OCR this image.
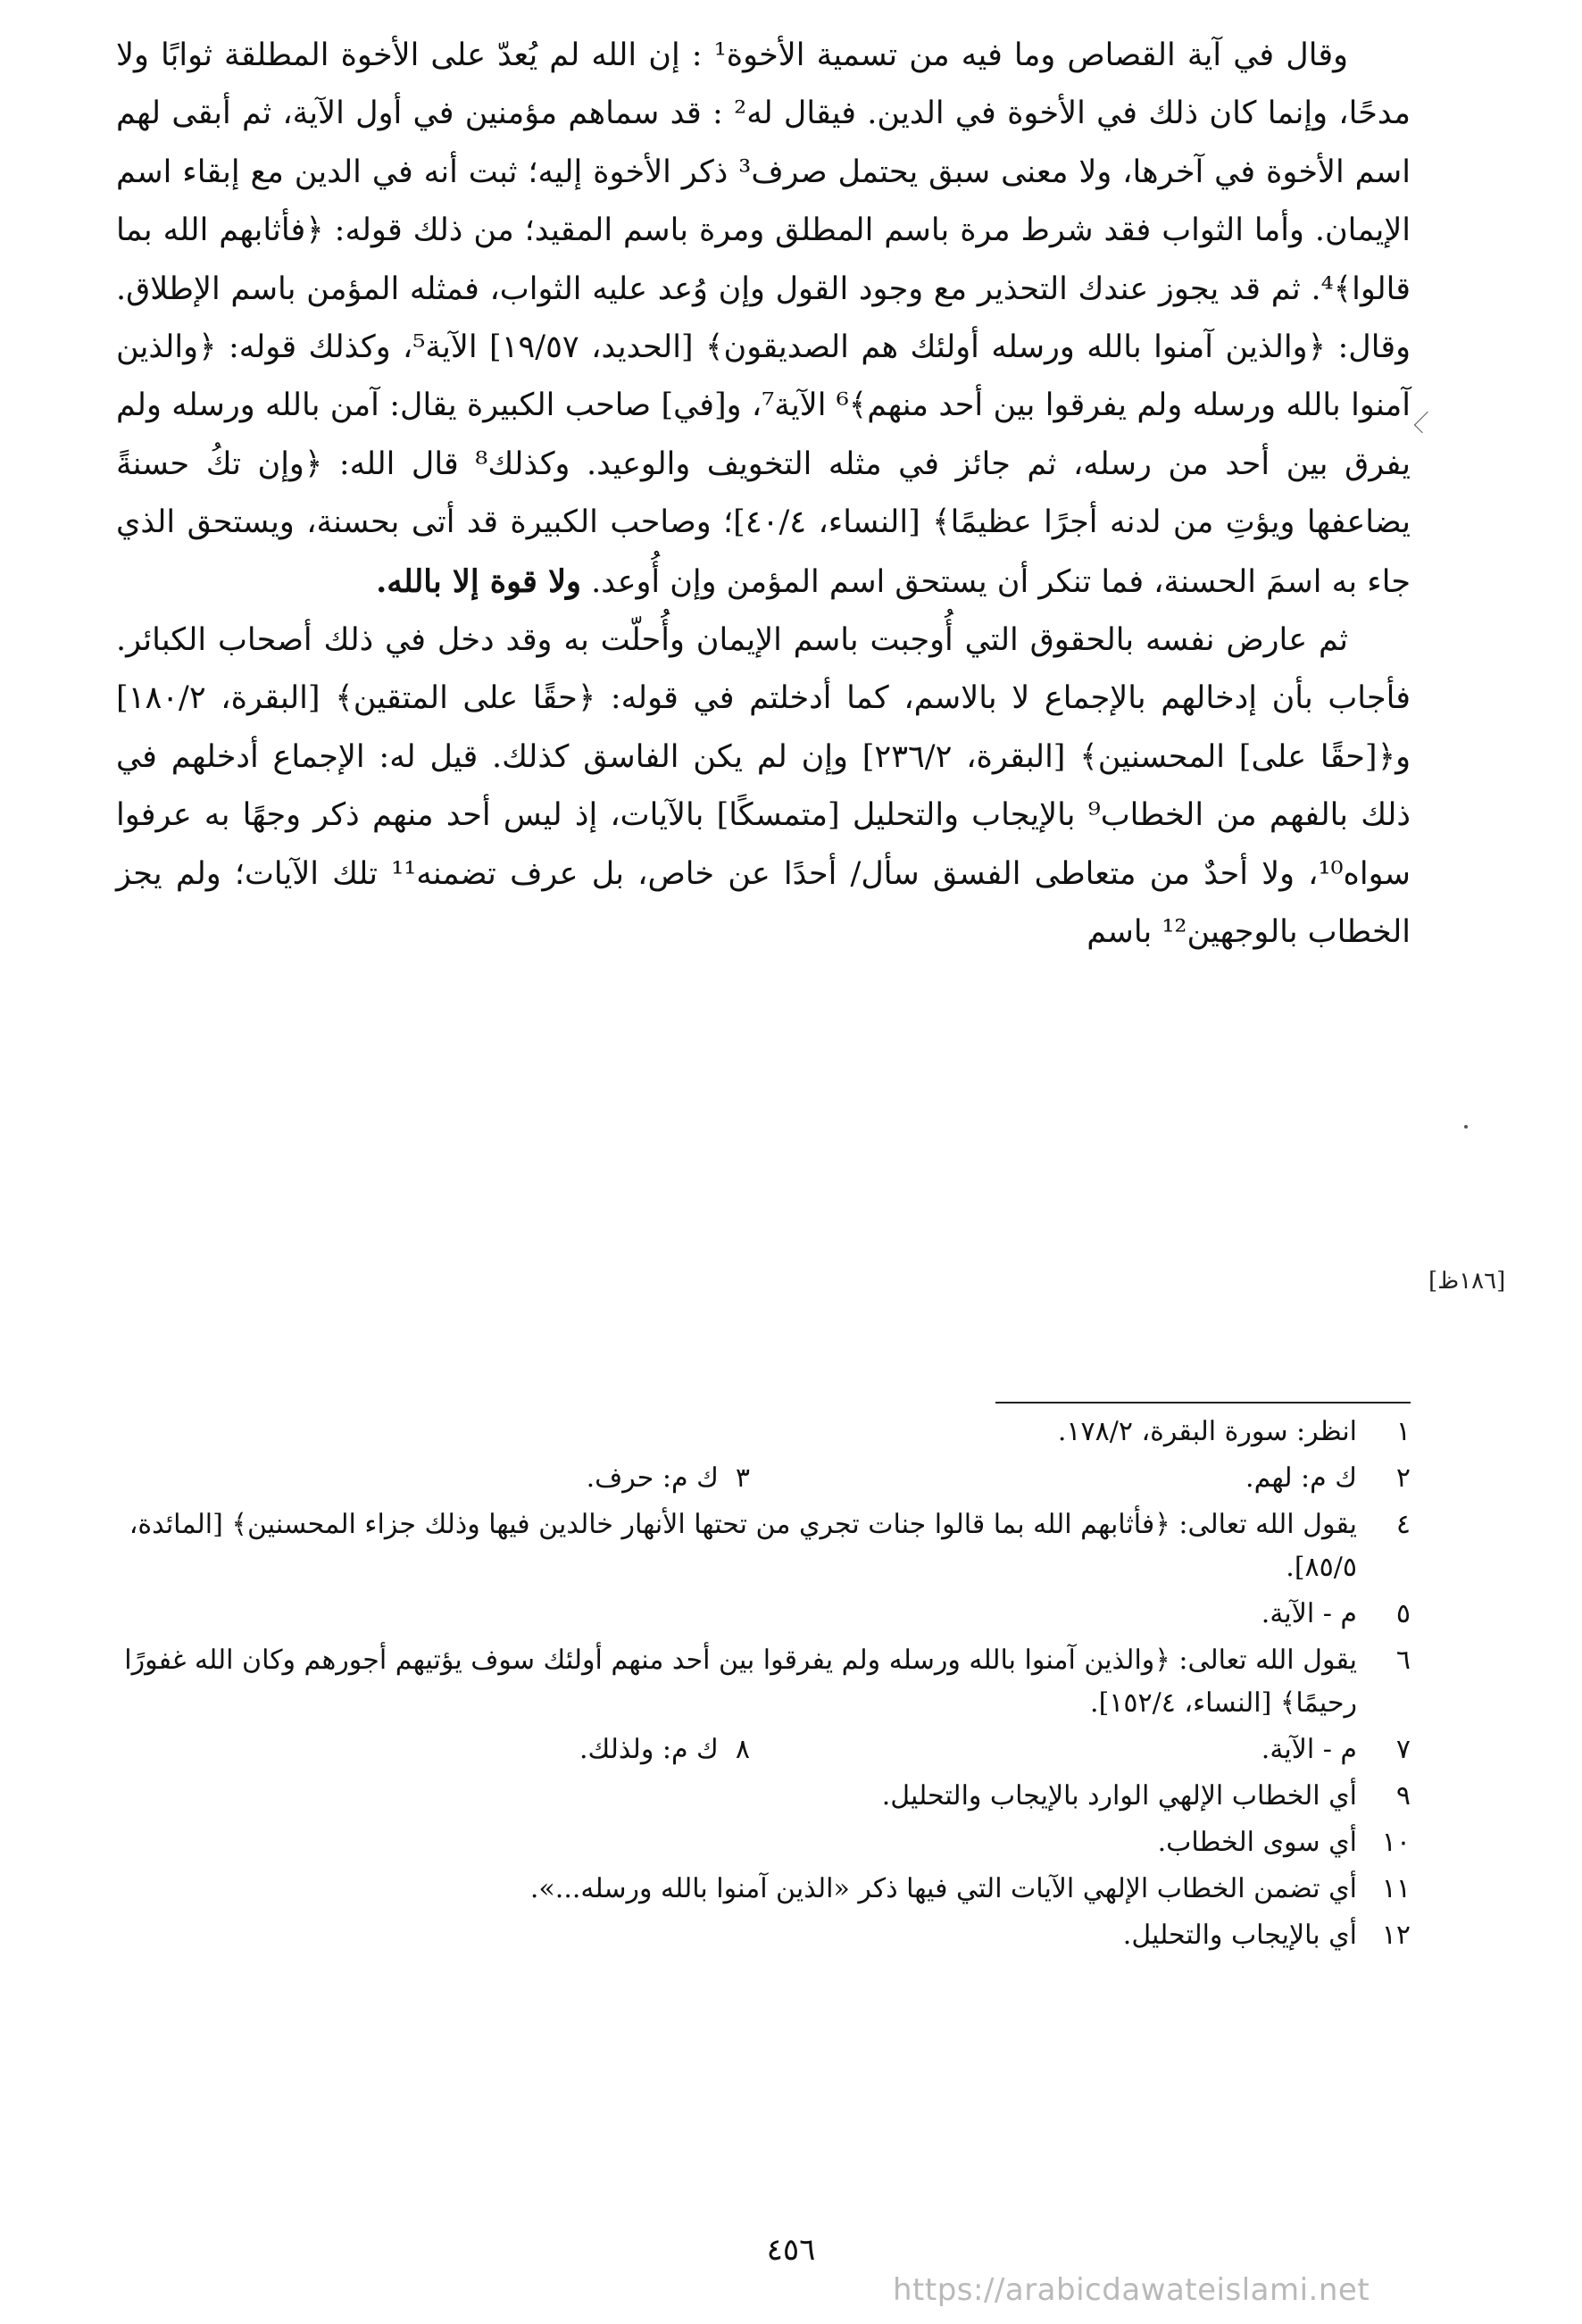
وقال في آية القصاص وما فيه من تسمية الأخوة¹ : إن الله لم يُعدّ على الأخوة المطلقة ثوابًا ولا مدحًا، وإنما كان ذلك في الأخوة في الدين. فيقال له² : قد سماهم مؤمنين في أول الآية، ثم أبقى لهم اسم الأخوة في آخرها، ولا معنى سبق يحتمل صرف³ ذكر الأخوة إليه؛ ثبت أنه في الدين مع إبقاء اسم الإيمان. وأما الثواب فقد شرط مرة باسم المطلق ومرة باسم المقيد؛ من ذلك قوله: ﴿فأثابهم الله بما قالوا﴾⁴. ثم قد يجوز عندك التحذير مع وجود القول وإن وُعد عليه الثواب، فمثله المؤمن باسم الإطلاق. وقال: ﴿والذين آمنوا بالله ورسله أولئك هم الصديقون﴾ [الحديد، ١٩/٥٧] الآية⁵، وكذلك قوله: ﴿والذين آمنوا بالله ورسله ولم يفرقوا بين أحد منهم﴾⁶ الآية⁷، و[في] صاحب الكبيرة يقال: آمن بالله ورسله ولم يفرق بين أحد من رسله، ثم جائز في مثله التخويف والوعيد. وكذلك⁸ قال الله: ﴿وإن تكُ حسنةً يضاعفها ويؤتِ من لدنه أجرًا عظيمًا﴾ [النساء، ٤٠/٤]؛ وصاحب الكبيرة قد أتى بحسنة، ويستحق الذي جاء به اسمَ الحسنة، فما تنكر أن يستحق اسم المؤمن وإن أُوعد. ولا قوة إلا بالله.

ثم عارض نفسه بالحقوق التي أُوجبت باسم الإيمان وأُحلّت به وقد دخل في ذلك أصحاب الكبائر. فأجاب بأن إدخالهم بالإجماع لا بالاسم، كما أدخلتم في قوله: ﴿حقًا على المتقين﴾ [البقرة، ١٨٠/٢] و﴿[حقًا على] المحسنين﴾ [البقرة، ٢٣٦/٢] وإن لم يكن الفاسق كذلك. قيل له: الإجماع أدخلهم في ذلك بالفهم من الخطاب⁹ بالإيجاب والتحليل [متمسكًا] بالآيات، إذ ليس أحد منهم ذكر وجهًا به عرفوا سواه¹⁰، ولا أحدٌ من متعاطى الفسق سأل/ أحدًا عن خاص، بل عرف تضمنه¹¹ تلك الآيات؛ ولم يجز الخطاب بالوجهين¹² باسم

[١٨٦ظ]
١
انظر: سورة البقرة، ١٧٨/٢.
٢
ك م: لهم.
٣  ك م: حرف.
٤
يقول الله تعالى: ﴿فأثابهم الله بما قالوا جنات تجري من تحتها الأنهار خالدين فيها وذلك جزاء المحسنين﴾ [المائدة، ٨٥/٥].
٥
م - الآية.
٦
يقول الله تعالى: ﴿والذين آمنوا بالله ورسله ولم يفرقوا بين أحد منهم أولئك سوف يؤتيهم أجورهم وكان الله غفورًا رحيمًا﴾ [النساء، ١٥٢/٤].
٧
م - الآية.
٨  ك م: ولذلك.
٩
أي الخطاب الإلهي الوارد بالإيجاب والتحليل.
١٠
أي سوى الخطاب.
١١
أي تضمن الخطاب الإلهي الآيات التي فيها ذكر «الذين آمنوا بالله ورسله...».
١٢
أي بالإيجاب والتحليل.
٤٥٦
https://arabicdawateislami.net
